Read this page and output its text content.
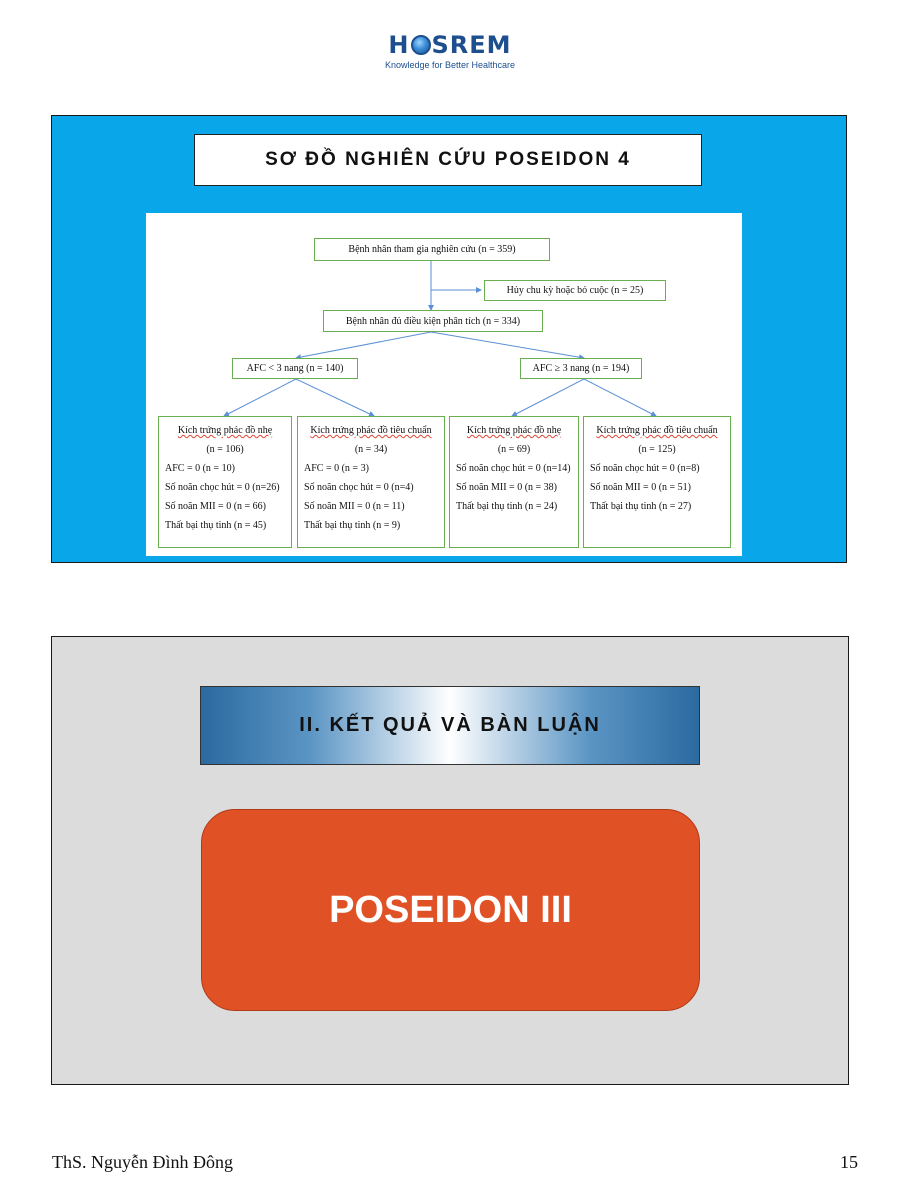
H SREM
Knowledge for Better Healthcare
SƠ ĐỒ NGHIÊN CỨU POSEIDON 4
Bệnh nhân tham gia nghiên cứu (n = 359)
Hủy chu kỳ hoặc bỏ cuộc (n = 25)
Bệnh nhân đủ điều kiện phân tích (n = 334)
AFC < 3 nang (n = 140)	AFC ≥ 3 nang (n = 194)
Kích trứng phác đồ nhẹ
(n = 106)
AFC = 0 (n = 10)
Số noãn chọc hút = 0 (n=26)
Số noãn MII = 0 (n = 66)
Thất bại thụ tinh (n = 45)
Kích trứng phác đồ tiêu chuẩn
(n = 34)
AFC = 0 (n = 3)
Số noãn chọc hút = 0 (n=4)
Số noãn MII = 0 (n = 11)
Thất bại thụ tinh (n = 9)
Kích trứng phác đồ nhẹ
(n = 69)
Số noãn chọc hút = 0 (n=14)
Số noãn MII = 0 (n = 38)
Thất bại thụ tinh (n = 24)
Kích trứng phác đồ tiêu chuẩn
(n = 125)
Số noãn chọc hút = 0 (n=8)
Số noãn MII = 0 (n = 51)
Thất bại thụ tinh (n = 27)
II. KẾT QUẢ VÀ BÀN LUẬN
POSEIDON III
ThS. Nguyễn Đình Đông	15
